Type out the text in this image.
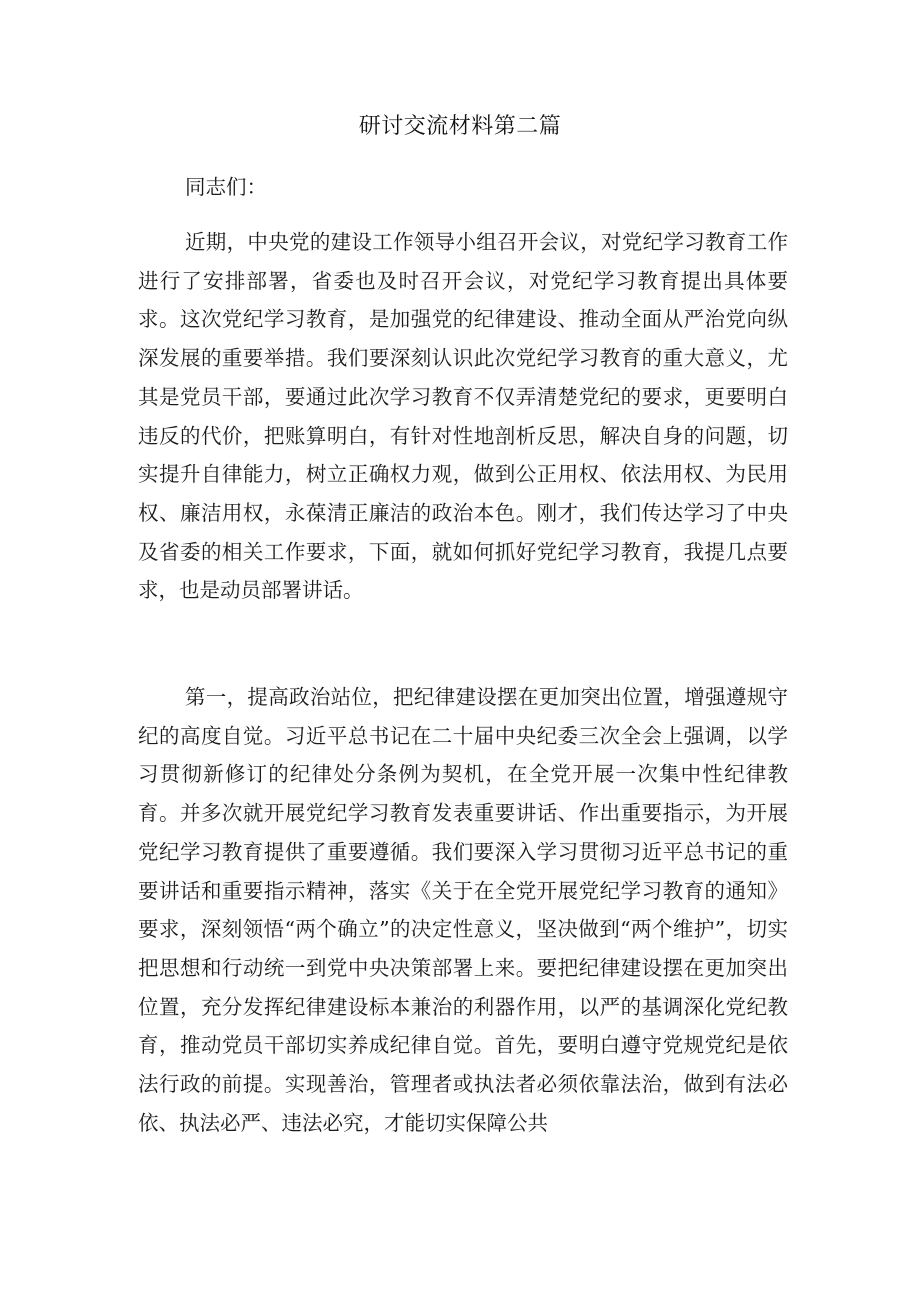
研讨交流材料第二篇

同志们：

近期，中央党的建设工作领导小组召开会议，对党纪学习教育工作进行了安排部署，省委也及时召开会议，对党纪学习教育提出具体要求。这次党纪学习教育，是加强党的纪律建设、推动全面从严治党向纵深发展的重要举措。我们要深刻认识此次党纪学习教育的重大意义，尤其是党员干部，要通过此次学习教育不仅弄清楚党纪的要求，更要明白违反的代价，把账算明白，有针对性地剖析反思，解决自身的问题，切实提升自律能力，树立正确权力观，做到公正用权、依法用权、为民用权、廉洁用权，永葆清正廉洁的政治本色。刚才，我们传达学习了中央及省委的相关工作要求，下面，就如何抓好党纪学习教育，我提几点要求，也是动员部署讲话。

第一，提高政治站位，把纪律建设摆在更加突出位置，增强遵规守纪的高度自觉。习近平总书记在二十届中央纪委三次全会上强调，以学习贯彻新修订的纪律处分条例为契机，在全党开展一次集中性纪律教育。并多次就开展党纪学习教育发表重要讲话、作出重要指示，为开展党纪学习教育提供了重要遵循。我们要深入学习贯彻习近平总书记的重要讲话和重要指示精神，落实《关于在全党开展党纪学习教育的通知》要求，深刻领悟“两个确立”的决定性意义，坚决做到“两个维护”，切实把思想和行动统一到党中央决策部署上来。要把纪律建设摆在更加突出位置，充分发挥纪律建设标本兼治的利器作用，以严的基调深化党纪教育，推动党员干部切实养成纪律自觉。首先，要明白遵守党规党纪是依法行政的前提。实现善治，管理者或执法者必须依靠法治，做到有法必依、执法必严、违法必究，才能切实保障公共
